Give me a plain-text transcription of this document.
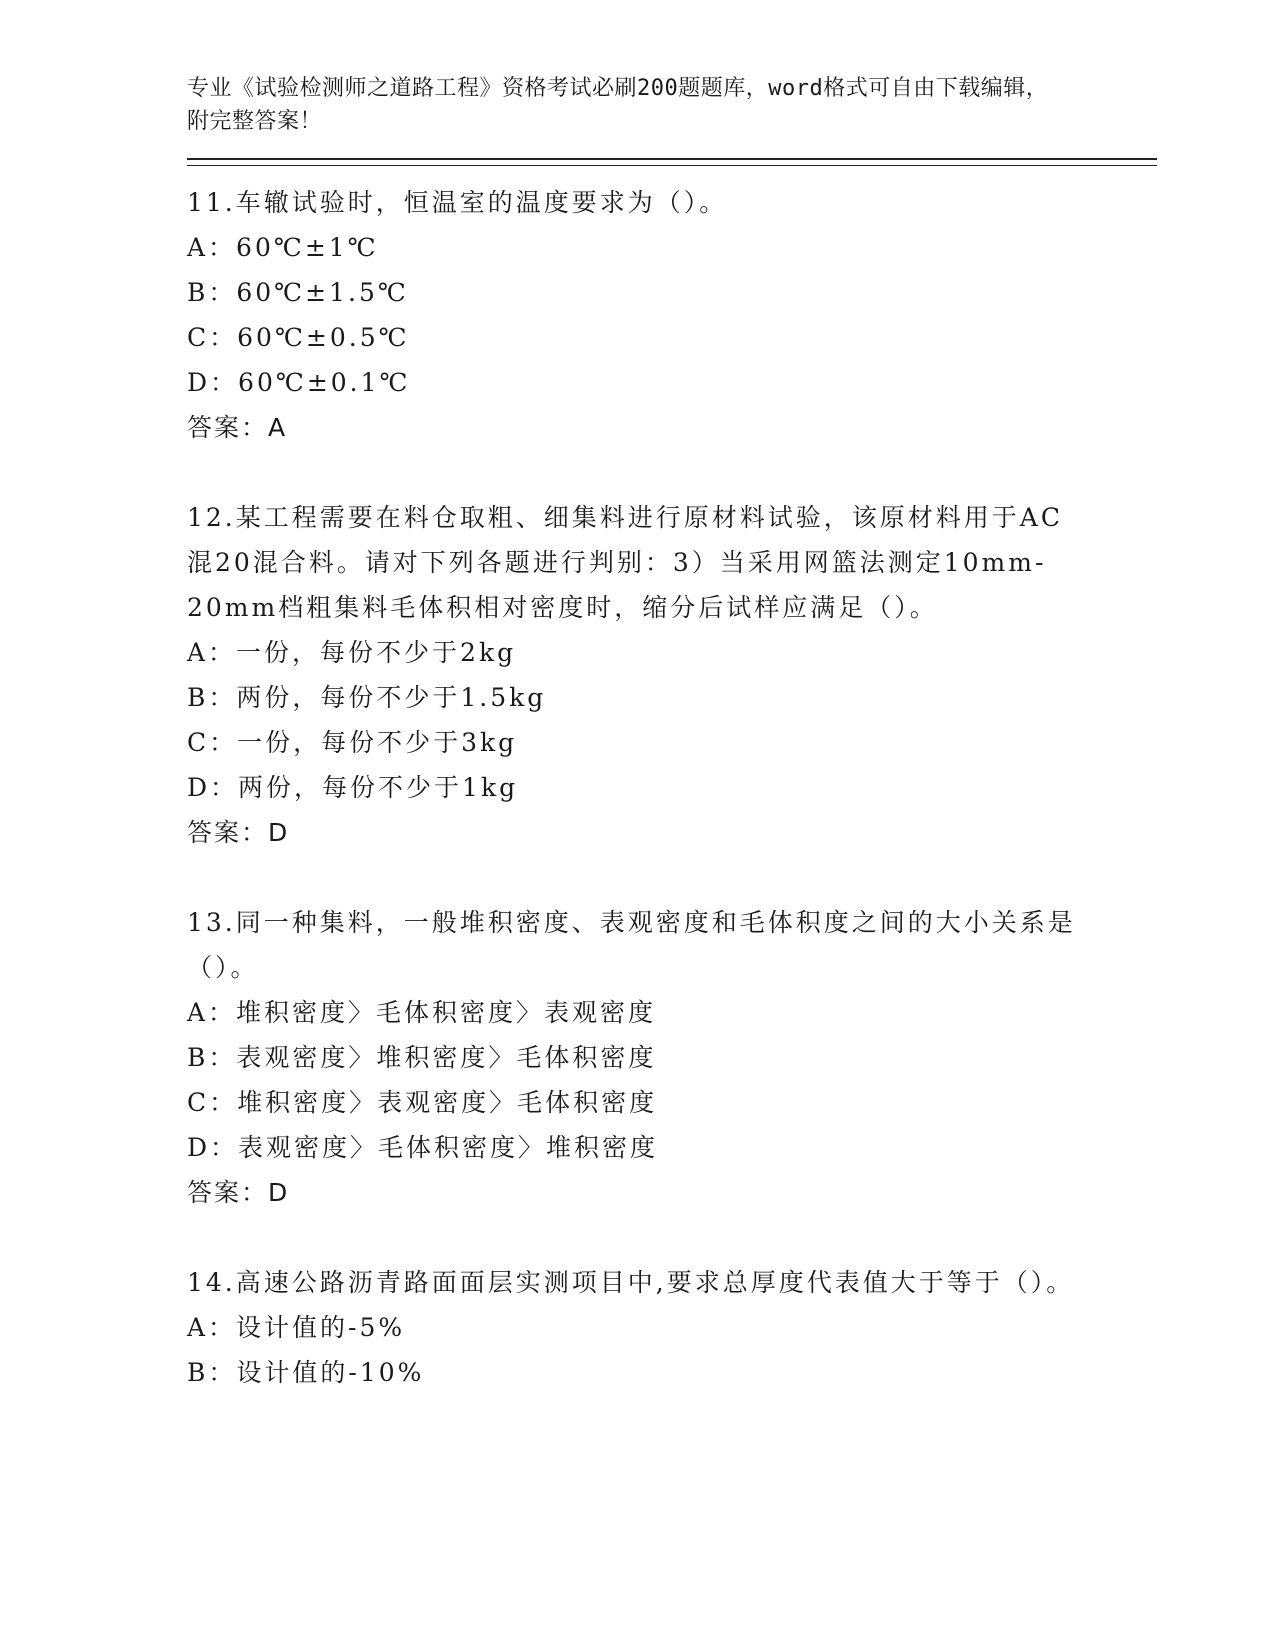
专业《试验检测师之道路工程》资格考试必刷200题题库，word格式可自由下载编辑，附完整答案！
11.车辙试验时，恒温室的温度要求为（）。
A：60℃±1℃
B：60℃±1.5℃
C：60℃±0.5℃
D：60℃±0.1℃
答案：A
12.某工程需要在料仓取粗、细集料进行原材料试验，该原材料用于AC混20混合料。请对下列各题进行判别：3）当采用网篮法测定10mm-20mm档粗集料毛体积相对密度时，缩分后试样应满足（）。
A：一份，每份不少于2kg
B：两份，每份不少于1.5kg
C：一份，每份不少于3kg
D：两份，每份不少于1kg
答案：D
13.同一种集料，一般堆积密度、表观密度和毛体积度之间的大小关系是（）。
A：堆积密度〉毛体积密度〉表观密度
B：表观密度〉堆积密度〉毛体积密度
C：堆积密度〉表观密度〉毛体积密度
D：表观密度〉毛体积密度〉堆积密度
答案：D
14.高速公路沥青路面面层实测项目中,要求总厚度代表值大于等于（）。
A：设计值的-5%
B：设计值的-10%
